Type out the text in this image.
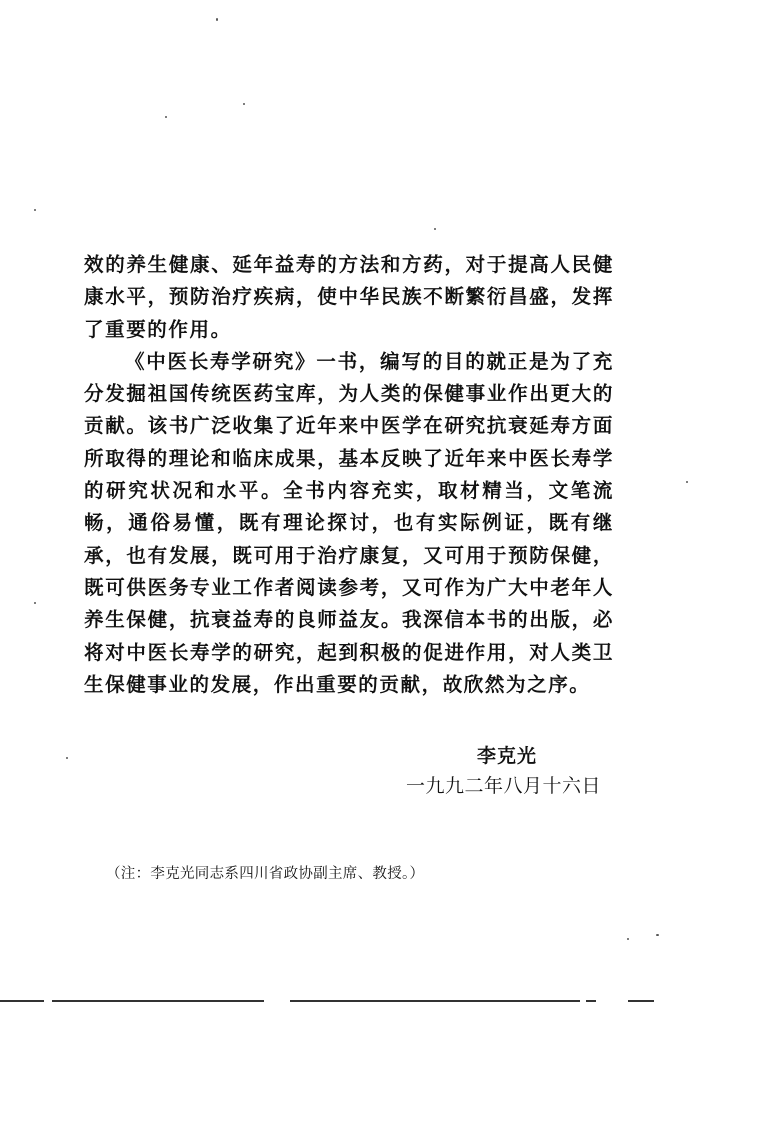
效的养生健康、延年益寿的方法和方药，对于提高人民健康水平，预防治疗疾病，使中华民族不断繁衍昌盛，发挥了重要的作用。

《中医长寿学研究》一书，编写的目的就正是为了充分发掘祖国传统医药宝库，为人类的保健事业作出更大的贡献。该书广泛收集了近年来中医学在研究抗衰延寿方面所取得的理论和临床成果，基本反映了近年来中医长寿学的研究状况和水平。全书内容充实，取材精当，文笔流畅，通俗易懂，既有理论探讨，也有实际例证，既有继承，也有发展，既可用于治疗康复，又可用于预防保健，既可供医务专业工作者阅读参考，又可作为广大中老年人养生保健，抗衰益寿的良师益友。我深信本书的出版，必将对中医长寿学的研究，起到积极的促进作用，对人类卫生保健事业的发展，作出重要的贡献，故欣然为之序。

李克光
一九九二年八月十六日
（注：李克光同志系四川省政协副主席、教授。）
